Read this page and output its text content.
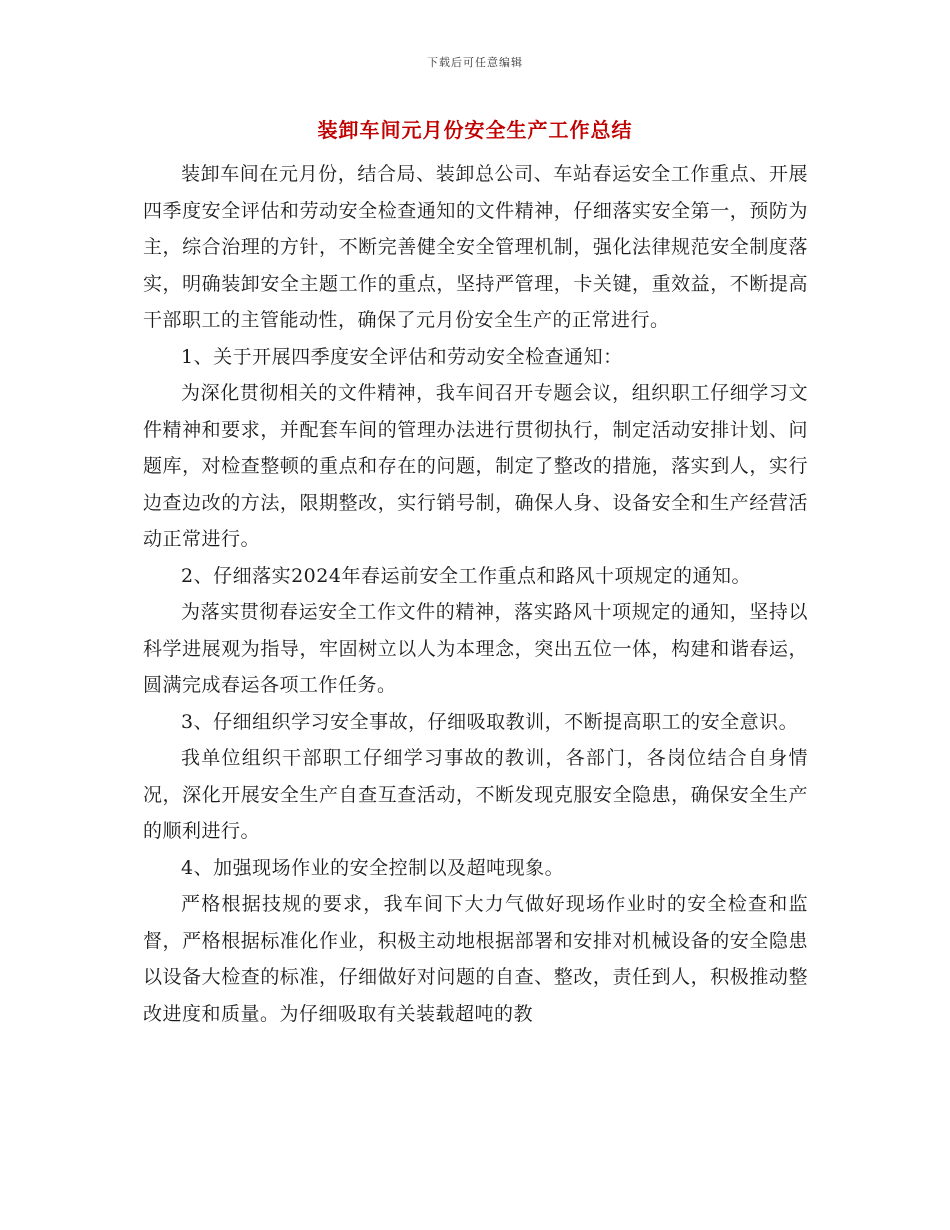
下载后可任意编辑
装卸车间元月份安全生产工作总结

装卸车间在元月份，结合局、装卸总公司、车站春运安全工作重点、开展四季度安全评估和劳动安全检查通知的文件精神，仔细落实安全第一，预防为主，综合治理的方针，不断完善健全安全管理机制，强化法律规范安全制度落实，明确装卸安全主题工作的重点，坚持严管理，卡关键，重效益，不断提高干部职工的主管能动性，确保了元月份安全生产的正常进行。

1、关于开展四季度安全评估和劳动安全检查通知：

为深化贯彻相关的文件精神，我车间召开专题会议，组织职工仔细学习文件精神和要求，并配套车间的管理办法进行贯彻执行，制定活动安排计划、问题库，对检查整顿的重点和存在的问题，制定了整改的措施，落实到人，实行边查边改的方法，限期整改，实行销号制，确保人身、设备安全和生产经营活动正常进行。

2、仔细落实2024年春运前安全工作重点和路风十项规定的通知。

为落实贯彻春运安全工作文件的精神，落实路风十项规定的通知，坚持以科学进展观为指导，牢固树立以人为本理念，突出五位一体，构建和谐春运，圆满完成春运各项工作任务。

3、仔细组织学习安全事故，仔细吸取教训，不断提高职工的安全意识。

我单位组织干部职工仔细学习事故的教训，各部门，各岗位结合自身情况，深化开展安全生产自查互查活动，不断发现克服安全隐患，确保安全生产的顺利进行。

4、加强现场作业的安全控制以及超吨现象。

严格根据技规的要求，我车间下大力气做好现场作业时的安全检查和监督，严格根据标准化作业，积极主动地根据部署和安排对机械设备的安全隐患以设备大检查的标准，仔细做好对问题的自查、整改，责任到人，积极推动整改进度和质量。为仔细吸取有关装载超吨的教
